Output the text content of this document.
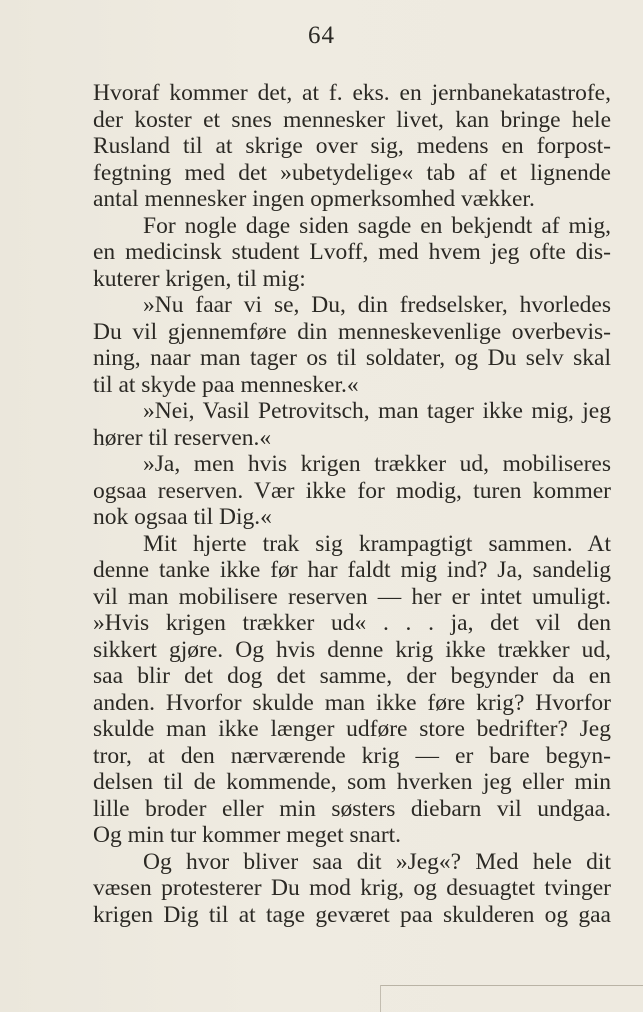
64
Hvoraf kommer det, at f. eks. en jernbanekatastrofe,
der koster et snes mennesker livet, kan bringe hele
Rusland til at skrige over sig, medens en forpost-
fegtning med det »ubetydelige« tab af et lignende
antal mennesker ingen opmerksomhed vækker.
For nogle dage siden sagde en bekjendt af mig,
en medicinsk student Lvoff, med hvem jeg ofte dis-
kuterer krigen, til mig:
»Nu faar vi se, Du, din fredselsker, hvorledes
Du vil gjennemføre din menneskevenlige overbevis-
ning, naar man tager os til soldater, og Du selv skal
til at skyde paa mennesker.«
»Nei, Vasil Petrovitsch, man tager ikke mig, jeg
hører til reserven.«
»Ja, men hvis krigen trækker ud, mobiliseres
ogsaa reserven. Vær ikke for modig, turen kommer
nok ogsaa til Dig.«
Mit hjerte trak sig krampagtigt sammen. At
denne tanke ikke før har faldt mig ind? Ja, sandelig
vil man mobilisere reserven — her er intet umuligt.
»Hvis krigen trækker ud« . . . ja, det vil den
sikkert gjøre. Og hvis denne krig ikke trækker ud,
saa blir det dog det samme, der begynder da en
anden. Hvorfor skulde man ikke føre krig? Hvorfor
skulde man ikke længer udføre store bedrifter? Jeg
tror, at den nærværende krig — er bare begyn-
delsen til de kommende, som hverken jeg eller min
lille broder eller min søsters diebarn vil undgaa.
Og min tur kommer meget snart.
Og hvor bliver saa dit »Jeg«? Med hele dit
væsen protesterer Du mod krig, og desuagtet tvinger
krigen Dig til at tage geværet paa skulderen og gaa
